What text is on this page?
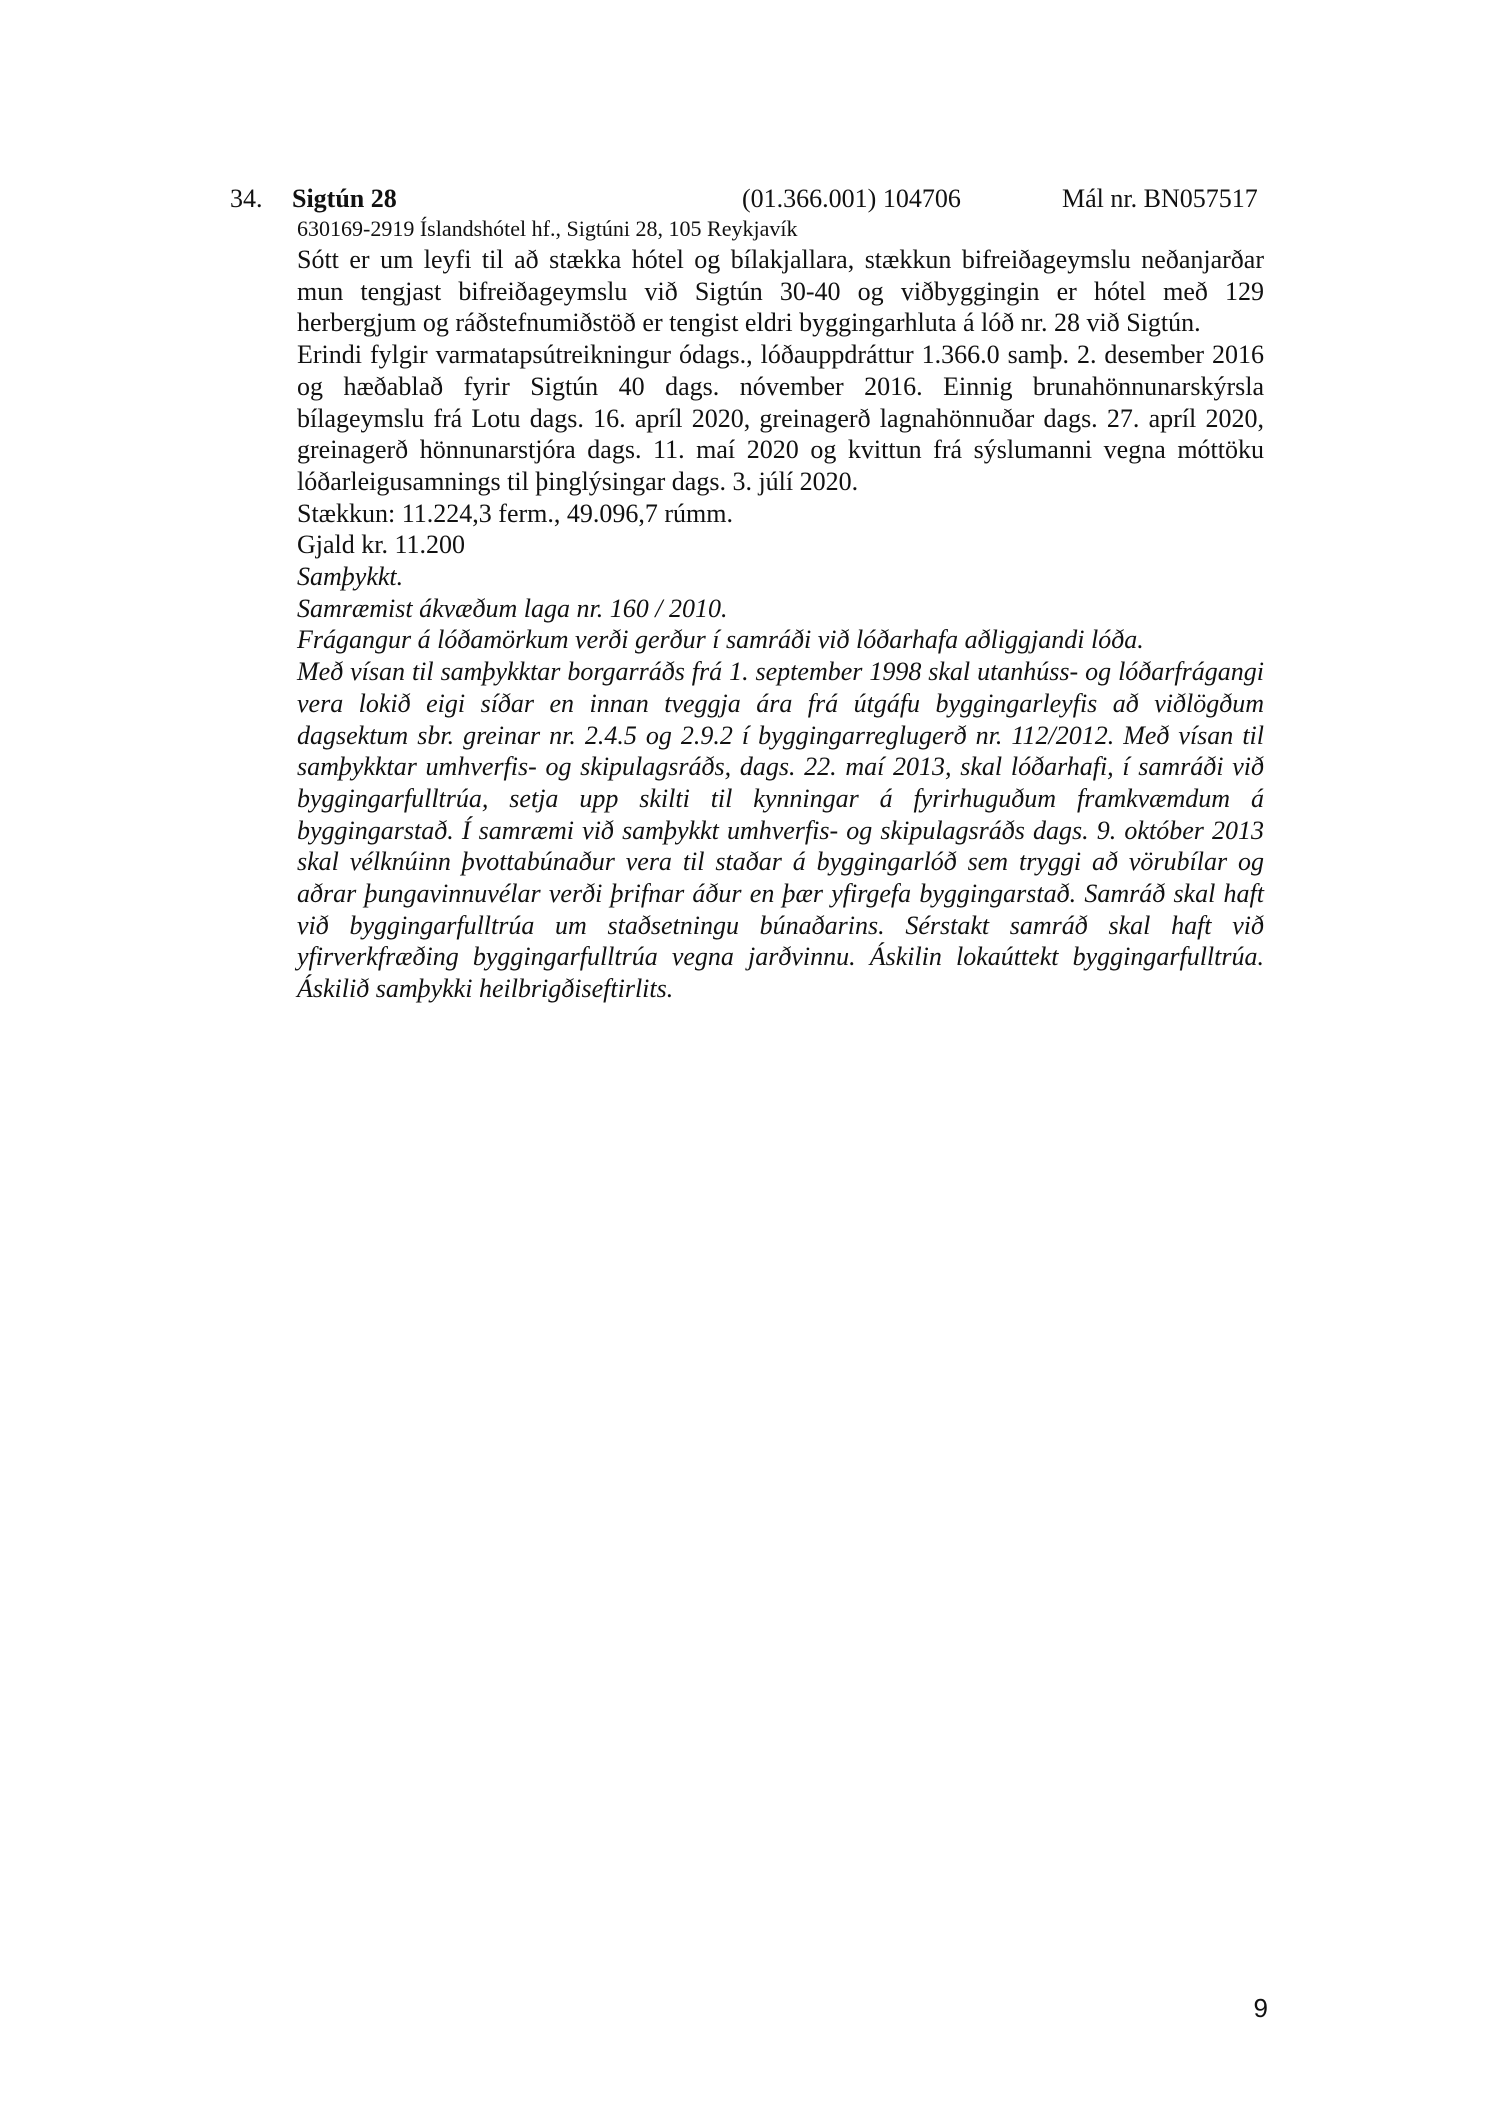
34. Sigtún 28	(01.366.001) 104706	Mál nr. BN057517
630169-2919 Íslandshótel hf., Sigtúni 28, 105 Reykjavík

Sótt er um leyfi til að stækka hótel og bílakjallara, stækkun bifreiðageymslu neðanjarðar mun tengjast bifreiðageymslu við Sigtún 30-40 og viðbyggingin er hótel með 129 herbergjum og ráðstefnumiðstöð er tengist eldri byggingarhluta á lóð nr. 28 við Sigtún.

Erindi fylgir varmatapsútreikningur ódags., lóðauppdráttur 1.366.0 samþ. 2. desember 2016 og hæðablað fyrir Sigtún 40 dags. nóvember 2016. Einnig brunahönnunarskýrsla bílageymslu frá Lotu dags. 16. apríl 2020, greinagerð lagnahönnuðar dags. 27. apríl 2020, greinagerð hönnunarstjóra dags. 11. maí 2020 og kvittun frá sýslumanni vegna móttöku lóðarleigusamnings til þinglýsingar dags. 3. júlí 2020.

Stækkun: 11.224,3 ferm., 49.096,7 rúmm.

Gjald kr. 11.200

Samþykkt.

Samræmist ákvæðum laga nr. 160 / 2010.

Frágangur á lóðamörkum verði gerður í samráði við lóðarhafa aðliggjandi lóða.

Með vísan til samþykktar borgarráðs frá 1. september 1998 skal utanhúss- og lóðarfrágangi vera lokið eigi síðar en innan tveggja ára frá útgáfu byggingarleyfis að viðlögðum dagsektum sbr. greinar nr. 2.4.5 og 2.9.2 í byggingarreglugerð nr. 112/2012. Með vísan til samþykktar umhverfis- og skipulagsráðs, dags. 22. maí 2013, skal lóðarhafi, í samráði við byggingarfulltrúa, setja upp skilti til kynningar á fyrirhuguðum framkvæmdum á byggingarstað. Í samræmi við samþykkt umhverfis- og skipulagsráðs dags. 9. október 2013 skal vélknúinn þvottabúnaður vera til staðar á byggingarlóð sem tryggi að vörubílar og aðrar þungavinnuvélar verði þrifnar áður en þær yfirgefa byggingarstað. Samráð skal haft við byggingarfulltrúa um staðsetningu búnaðarins. Sérstakt samráð skal haft við yfirverkfræðing byggingarfulltrúa vegna jarðvinnu. Áskilin lokaúttekt byggingarfulltrúa. Áskilið samþykki heilbrigðiseftirlits.

9
